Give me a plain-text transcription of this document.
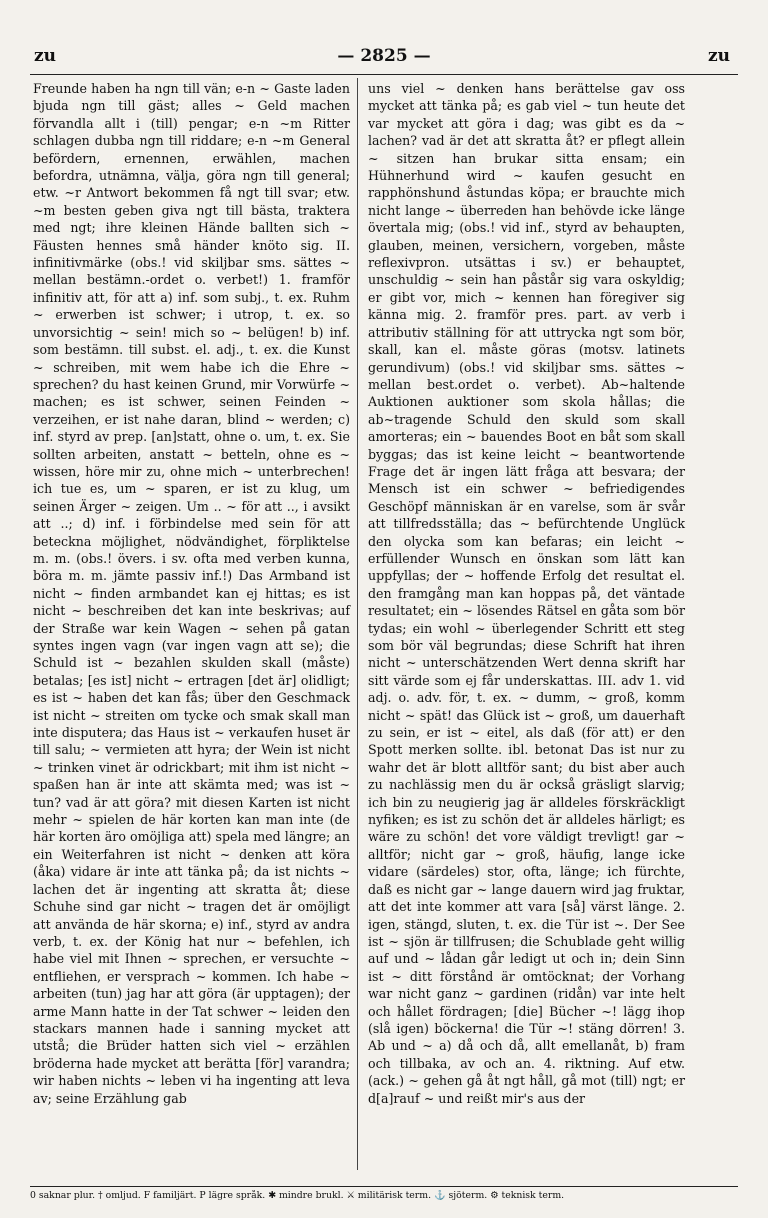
zu	— 2825 —	zu

Freunde haben ha ngn till vän; e-n ~ Gaste laden bjuda ngn till gäst; alles ~ Geld machen förvandla allt i (till) pengar; e-n ~m Ritter schlagen dubba ngn till riddare; e-n ~m General befördern, ernennen, erwählen, machen befordra, utnämna, välja, göra ngn till general; etw. ~r Antwort bekommen få ngt till svar; etw. ~m besten geben giva ngt till bästa, traktera med ngt; ihre kleinen Hände ballten sich ~ Fäusten hennes små händer knöto sig. II. infinitivmärke (obs.! vid skiljbar sms. sättes ~ mellan bestämn.-ordet o. verbet!) 1. framför infinitiv att, för att a) inf. som subj., t. ex. Ruhm ~ erwerben ist schwer; i utrop, t. ex. so unvorsichtig ~ sein! mich so ~ belügen! b) inf. som bestämn. till subst. el. adj., t. ex. die Kunst ~ schreiben, mit wem habe ich die Ehre ~ sprechen? du hast keinen Grund, mir Vorwürfe ~ machen; es ist schwer, seinen Feinden ~ verzeihen, er ist nahe daran, blind ~ werden; c) inf. styrd av prep. [an]statt, ohne o. um, t. ex. Sie sollten arbeiten, anstatt ~ betteln, ohne es ~ wissen, höre mir zu, ohne mich ~ unterbrechen! ich tue es, um ~ sparen, er ist zu klug, um seinen Ärger ~ zeigen. Um .. ~ för att .., i avsikt att ..; d) inf. i förbindelse med sein för att beteckna möjlighet, nödvändighet, förpliktelse m. m. (obs.! övers. i sv. ofta med verben kunna, böra m. m. jämte passiv inf.!) Das Armband ist nicht ~ finden armbandet kan ej hittas; es ist nicht ~ beschreiben det kan inte beskrivas; auf der Straße war kein Wagen ~ sehen på gatan syntes ingen vagn (var ingen vagn att se); die Schuld ist ~ bezahlen skulden skall (måste) betalas; [es ist] nicht ~ ertragen [det är] olidligt; es ist ~ haben det kan fås; über den Geschmack ist nicht ~ streiten om tycke och smak skall man inte disputera; das Haus ist ~ verkaufen huset är till salu; ~ vermieten att hyra; der Wein ist nicht ~ trinken vinet är odrickbart; mit ihm ist nicht ~ spaßen han är inte att skämta med; was ist ~ tun? vad är att göra? mit diesen Karten ist nicht mehr ~ spielen de här korten kan man inte (de här korten äro omöjliga att) spela med längre; an ein Weiterfahren ist nicht ~ denken att köra (åka) vidare är inte att tänka på; da ist nichts ~ lachen det är ingenting att skratta åt; diese Schuhe sind gar nicht ~ tragen det är omöjligt att använda de här skorna; e) inf., styrd av andra verb, t. ex. der König hat nur ~ befehlen, ich habe viel mit Ihnen ~ sprechen, er versuchte ~ entfliehen, er versprach ~ kommen. Ich habe ~ arbeiten (tun) jag har att göra (är upptagen); der arme Mann hatte in der Tat schwer ~ leiden den stackars mannen hade i sanning mycket att utstå; die Brüder hatten sich viel ~ erzählen bröderna hade mycket att berätta [för] varandra; wir haben nichts ~ leben vi ha ingenting att leva av; seine Erzählung gab

uns viel ~ denken hans berättelse gav oss mycket att tänka på; es gab viel ~ tun heute det var mycket att göra i dag; was gibt es da ~ lachen? vad är det att skratta åt? er pflegt allein ~ sitzen han brukar sitta ensam; ein Hühnerhund wird ~ kaufen gesucht en rapphönshund åstundas köpa; er brauchte mich nicht lange ~ überreden han behövde icke länge övertala mig; (obs.! vid inf., styrd av behaupten, glauben, meinen, versichern, vorgeben, måste reflexivpron. utsättas i sv.) er behauptet, unschuldig ~ sein han påstår sig vara oskyldig; er gibt vor, mich ~ kennen han föregiver sig känna mig. 2. framför pres. part. av verb i attributiv ställning för att uttrycka ngt som bör, skall, kan el. måste göras (motsv. latinets gerundivum) (obs.! vid skiljbar sms. sättes ~ mellan best.ordet o. verbet). Ab~haltende Auktionen auktioner som skola hållas; die ab~tragende Schuld den skuld som skall amorteras; ein ~ bauendes Boot en båt som skall byggas; das ist keine leicht ~ beantwortende Frage det är ingen lätt fråga att besvara; der Mensch ist ein schwer ~ befriedigendes Geschöpf människan är en varelse, som är svår att tillfredsställa; das ~ befürchtende Unglück den olycka som kan befaras; ein leicht ~ erfüllender Wunsch en önskan som lätt kan uppfyllas; der ~ hoffende Erfolg det resultat el. den framgång man kan hoppas på, det väntade resultatet; ein ~ lösendes Rätsel en gåta som bör tydas; ein wohl ~ überlegender Schritt ett steg som bör väl begrundas; diese Schrift hat ihren nicht ~ unterschätzenden Wert denna skrift har sitt värde som ej får underskattas. III. adv 1. vid adj. o. adv. för, t. ex. ~ dumm, ~ groß, komm nicht ~ spät! das Glück ist ~ groß, um dauerhaft zu sein, er ist ~ eitel, als daß (för att) er den Spott merken sollte. ibl. betonat Das ist nur zu wahr det är blott alltför sant; du bist aber auch zu nachlässig men du är också gräsligt slarvig; ich bin zu neugierig jag är alldeles förskräckligt nyfiken; es ist zu schön det är alldeles härligt; es wäre zu schön! det vore väldigt trevligt! gar ~ alltför; nicht gar ~ groß, häufig, lange icke vidare (särdeles) stor, ofta, länge; ich fürchte, daß es nicht gar ~ lange dauern wird jag fruktar, att det inte kommer att vara [så] värst länge. 2. igen, stängd, sluten, t. ex. die Tür ist ~. Der See ist ~ sjön är tillfrusen; die Schublade geht willig auf und ~ lådan går ledigt ut och in; dein Sinn ist ~ ditt förstånd är omtöcknat; der Vorhang war nicht ganz ~ gardinen (ridån) var inte helt och hållet fördragen; [die] Bücher ~! lägg ihop (slå igen) böckerna! die Tür ~! stäng dörren! 3. Ab und ~ a) då och då, allt emellanåt, b) fram och tillbaka, av och an. 4. riktning. Auf etw. (ack.) ~ gehen gå åt ngt håll, gå mot (till) ngt; er d[a]rauf ~ und reißt mir's aus der

0 saknar plur. † omljud. F familjärt. P lägre språk. ✱ mindre brukl. ⚔ militärisk term. ⚓ sjöterm. ⚙ teknisk term.
